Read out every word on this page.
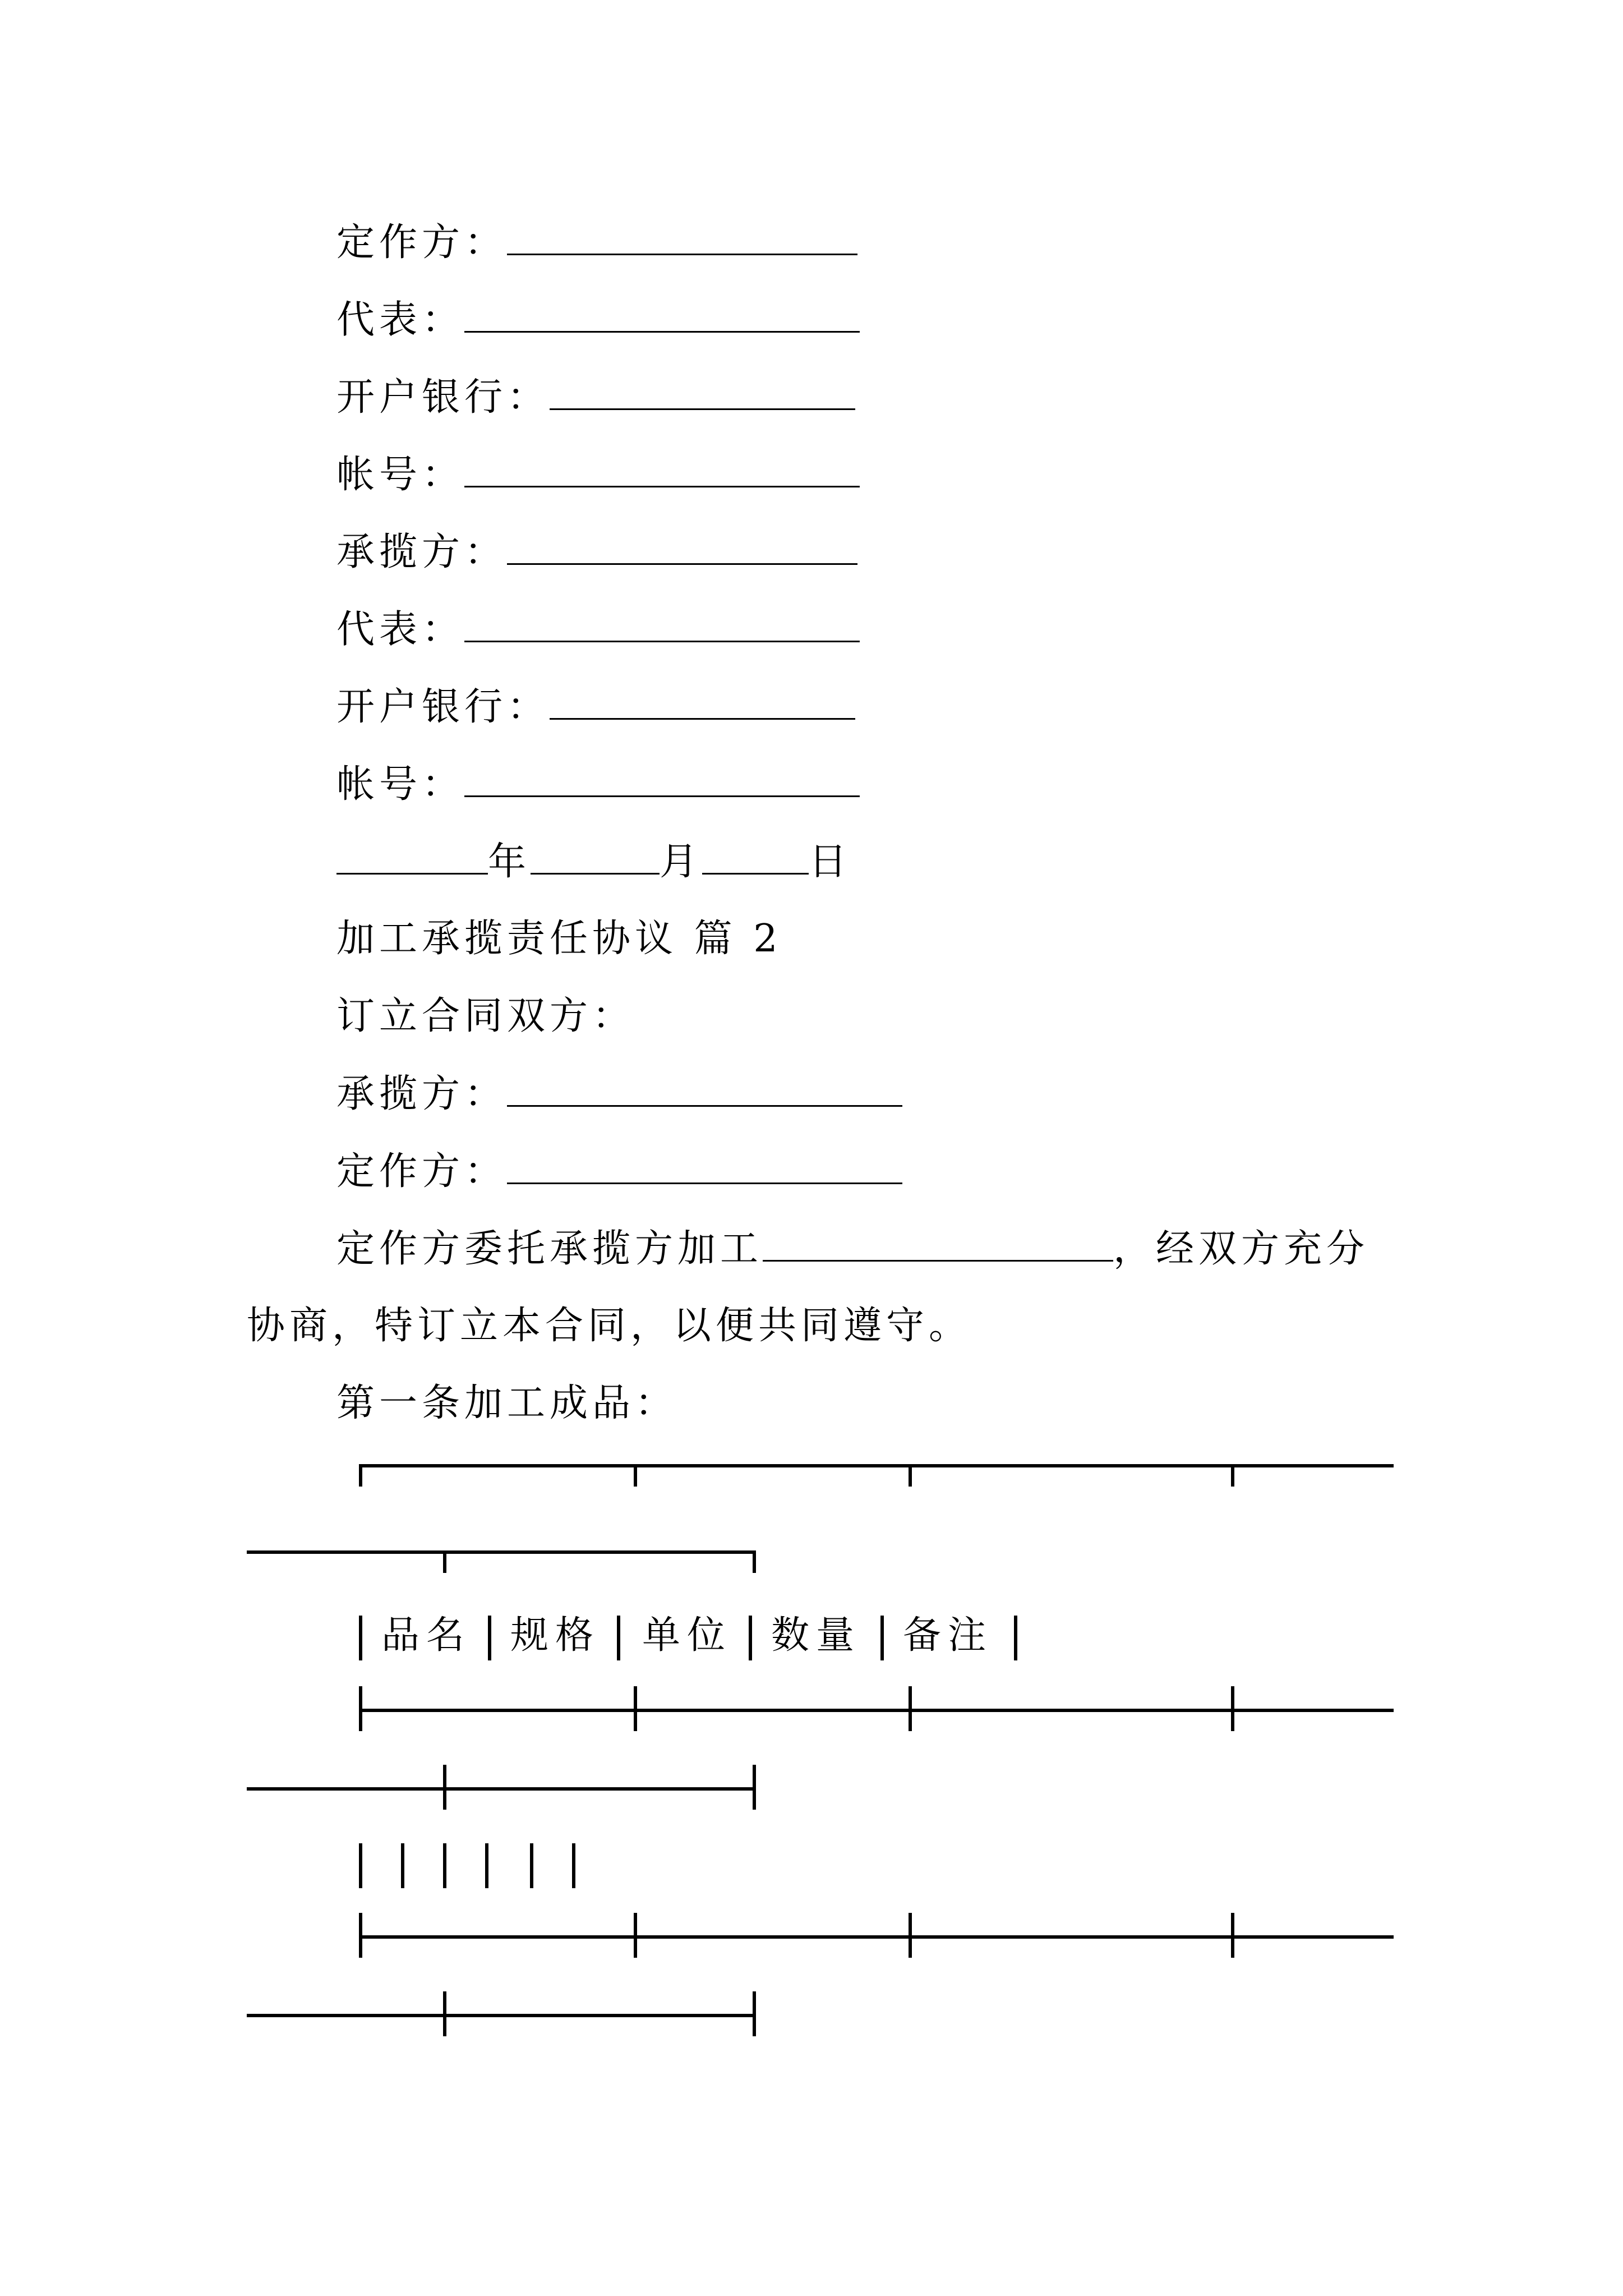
定作方：
代表：
开户银行：
帐号：
承揽方：
代表：
开户银行：
帐号：
年	月	日
加工承揽责任协议 篇 2
订立合同双方：
承揽方：
定作方：
定作方委托承揽方加工	，经双方充分
协商，特订立本合同，以便共同遵守。
第一条加工成品：
品名 规格 单位 数量 备注
